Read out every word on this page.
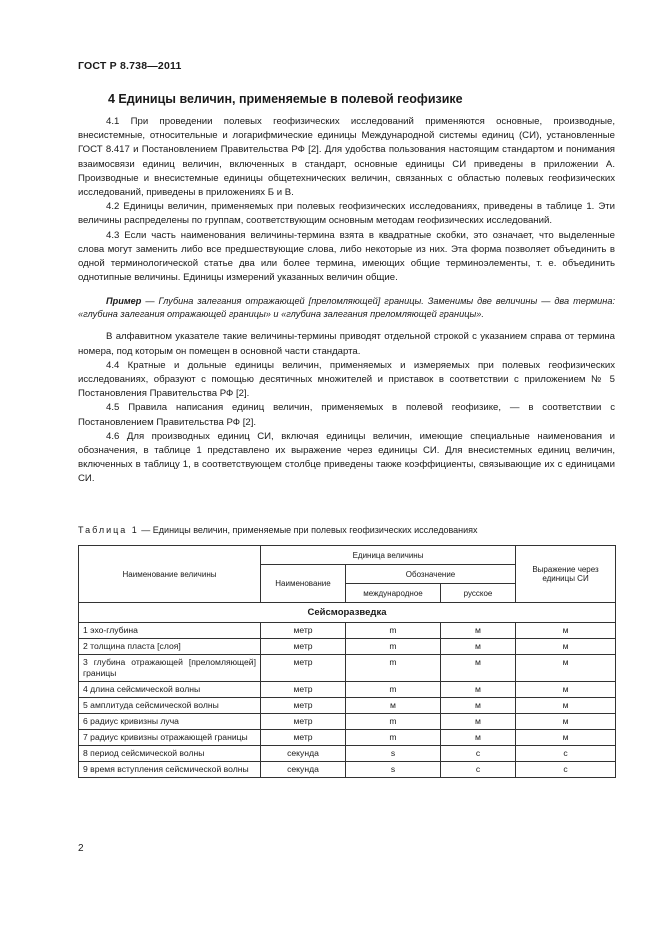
ГОСТ Р 8.738—2011
4 Единицы величин, применяемые в полевой геофизике

4.1 При проведении полевых геофизических исследований применяются основные, производные, внесистемные, относительные и логарифмические единицы Международной системы единиц (СИ), установленные ГОСТ 8.417 и Постановлением Правительства РФ [2]. Для удобства пользования настоящим стандартом и понимания взаимосвязи единиц величин, включенных в стандарт, основные единицы СИ приведены в приложении А. Производные и внесистемные единицы общетехнических величин, связанных с областью полевых геофизических исследований, приведены в приложениях Б и В.

4.2 Единицы величин, применяемых при полевых геофизических исследованиях, приведены в таблице 1. Эти величины распределены по группам, соответствующим основным методам геофизических исследований.

4.3 Если часть наименования величины-термина взята в квадратные скобки, это означает, что выделенные слова могут заменить либо все предшествующие слова, либо некоторые из них. Эта форма позволяет объединить в одной терминологической статье два или более термина, имеющих общие терминоэлементы, т. е. объединить однотипные величины. Единицы измерений указанных величин общие.

Пример — Глубина залегания отражающей [преломляющей] границы. Заменимы две величины — два термина: «глубина залегания отражающей границы» и «глубина залегания преломляющей границы».

В алфавитном указателе такие величины-термины приводят отдельной строкой с указанием справа от термина номера, под которым он помещен в основной части стандарта.

4.4 Кратные и дольные единицы величин, применяемых и измеряемых при полевых геофизических исследованиях, образуют с помощью десятичных множителей и приставок в соответствии с приложением № 5 Постановления Правительства РФ [2].

4.5 Правила написания единиц величин, применяемых в полевой геофизике, — в соответствии с Постановлением Правительства РФ [2].

4.6 Для производных единиц СИ, включая единицы величин, имеющие специальные наименования и обозначения, в таблице 1 представлено их выражение через единицы СИ. Для внесистемных единиц величин, включенных в таблицу 1, в соответствующем столбце приведены также коэффициенты, связывающие их с единицами СИ.

Таблица 1 — Единицы величин, применяемые при полевых геофизических исследованиях
Наименование величины	Единица величины			Выражение через единицы СИ
	Наименование	Обозначение		
		международное	русское	
Сейсморазведка				
1 эхо-глубина	метр	m	м	м
2 толщина пласта [слоя]	метр	m	м	м
3 глубина отражающей [преломляющей] границы	метр	m	м	м
4 длина сейсмической волны	метр	m	м	м
5 амплитуда сейсмической волны	метр	м	м	м
6 радиус кривизны луча	метр	m	м	м
7 радиус кривизны отражающей границы	метр	m	м	м
8 период сейсмической волны	секунда	s	с	с
9 время вступления сейсмической волны	секунда	s	с	с
2
